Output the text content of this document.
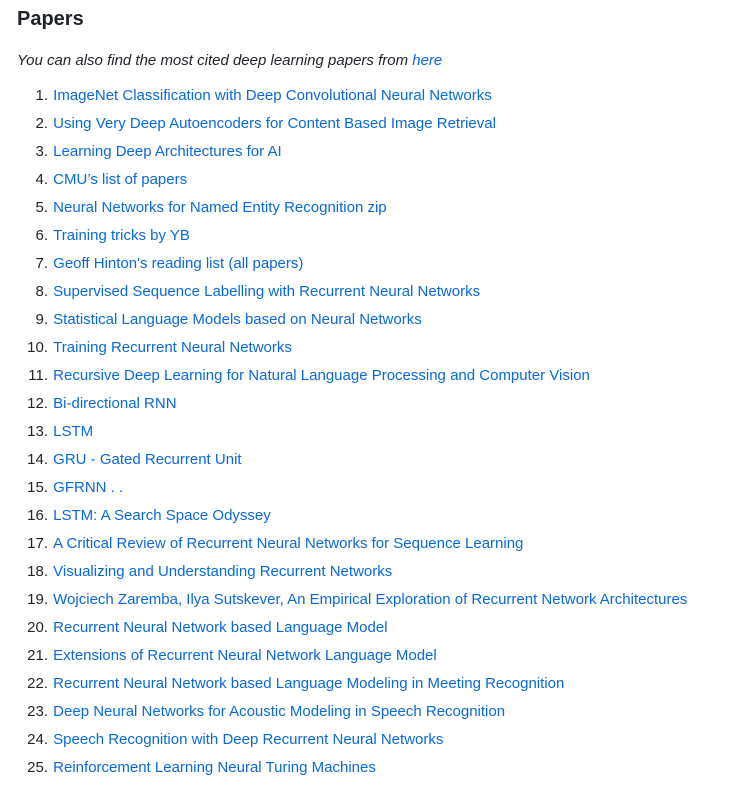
Papers

You can also find the most cited deep learning papers from here

1.
ImageNet Classification with Deep Convolutional Neural Networks
2.
Using Very Deep Autoencoders for Content Based Image Retrieval
3.
Learning Deep Architectures for AI
4.
CMU’s list of papers
5.
Neural Networks for Named Entity Recognition zip
6.
Training tricks by YB
7.
Geoff Hinton's reading list (all papers)
8.
Supervised Sequence Labelling with Recurrent Neural Networks
9.
Statistical Language Models based on Neural Networks
10.
Training Recurrent Neural Networks
11.
Recursive Deep Learning for Natural Language Processing and Computer Vision
12.
Bi-directional RNN
13.
LSTM
14.
GRU - Gated Recurrent Unit
15.
GFRNN . .
16.
LSTM: A Search Space Odyssey
17.
A Critical Review of Recurrent Neural Networks for Sequence Learning
18.
Visualizing and Understanding Recurrent Networks
19.
Wojciech Zaremba, Ilya Sutskever, An Empirical Exploration of Recurrent Network Architectures
20.
Recurrent Neural Network based Language Model
21.
Extensions of Recurrent Neural Network Language Model
22.
Recurrent Neural Network based Language Modeling in Meeting Recognition
23.
Deep Neural Networks for Acoustic Modeling in Speech Recognition
24.
Speech Recognition with Deep Recurrent Neural Networks
25.
Reinforcement Learning Neural Turing Machines
